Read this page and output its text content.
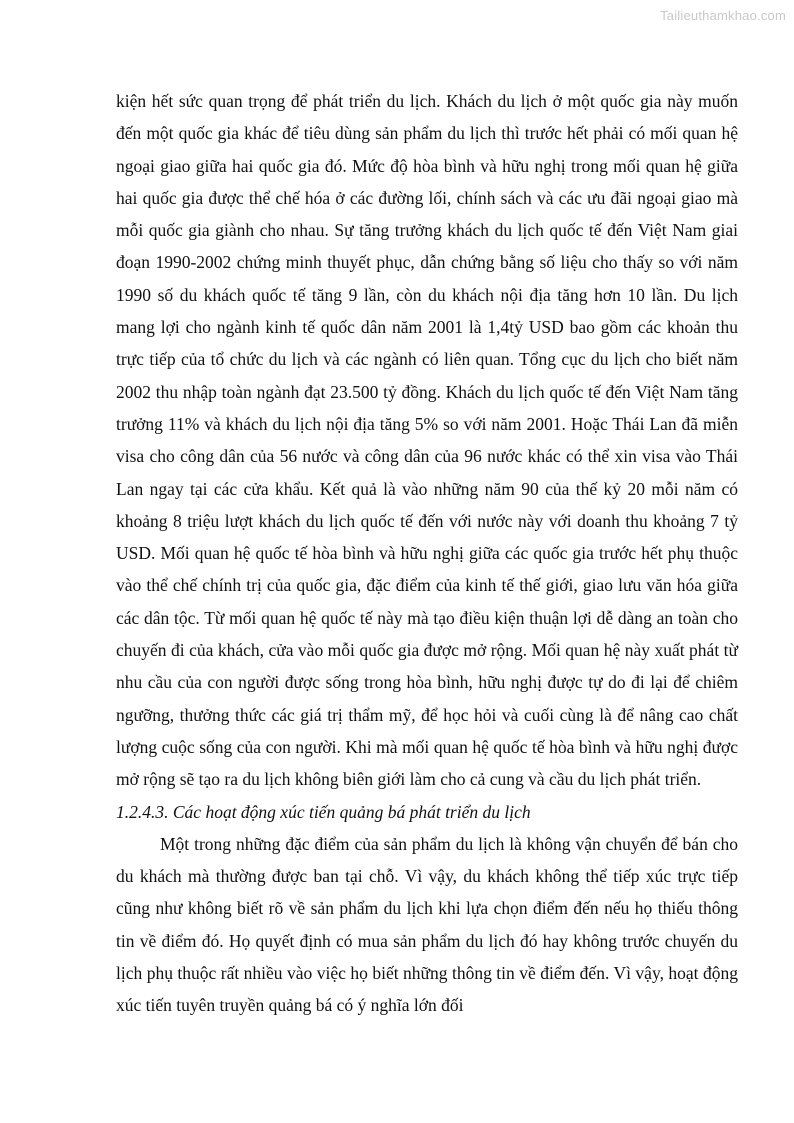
Tailieuthamkhao.com

kiện hết sức quan trọng để phát triển du lịch. Khách du lịch ở một quốc gia này muốn đến một quốc gia khác để tiêu dùng sản phẩm du lịch thì trước hết phải có mối quan hệ ngoại giao giữa hai quốc gia đó. Mức độ hòa bình và hữu nghị trong mối quan hệ giữa hai quốc gia được thể chế hóa ở các đường lối, chính sách và các ưu đãi ngoại giao mà mỗi quốc gia giành cho nhau. Sự tăng trưởng khách du lịch quốc tế đến Việt Nam giai đoạn 1990-2002 chứng minh thuyết phục, dẫn chứng bằng số liệu cho thấy so với năm 1990 số du khách quốc tế tăng 9 lần, còn du khách nội địa tăng hơn 10 lần. Du lịch mang lợi cho ngành kinh tế quốc dân năm 2001 là 1,4tỷ USD bao gồm các khoản thu trực tiếp của tổ chức du lịch và các ngành có liên quan. Tổng cục du lịch cho biết năm 2002 thu nhập toàn ngành đạt 23.500 tỷ đồng. Khách du lịch quốc tế đến Việt Nam tăng trưởng 11% và khách du lịch nội địa tăng 5% so với năm 2001. Hoặc Thái Lan đã miễn visa cho công dân của 56 nước và công dân của 96 nước khác có thể xin visa vào Thái Lan ngay tại các cửa khẩu. Kết quả là vào những năm 90 của thế kỷ 20 mỗi năm có khoảng 8 triệu lượt khách du lịch quốc tế đến với nước này với doanh thu khoảng 7 tỷ USD. Mối quan hệ quốc tế hòa bình và hữu nghị giữa các quốc gia trước hết phụ thuộc vào thể chế chính trị của quốc gia, đặc điểm của kinh tế thế giới, giao lưu văn hóa giữa các dân tộc. Từ mối quan hệ quốc tế này mà tạo điều kiện thuận lợi dễ dàng an toàn cho chuyến đi của khách, cửa vào mỗi quốc gia được mở rộng. Mối quan hệ này xuất phát từ nhu cầu của con người được sống trong hòa bình, hữu nghị được tự do đi lại để chiêm ngưỡng, thưởng thức các giá trị thẩm mỹ, để học hỏi và cuối cùng là để nâng cao chất lượng cuộc sống của con người. Khi mà mối quan hệ quốc tế hòa bình và hữu nghị được mở rộng sẽ tạo ra du lịch không biên giới làm cho cả cung và cầu du lịch phát triển.

1.2.4.3. Các hoạt động xúc tiến quảng bá phát triển du lịch

Một trong những đặc điểm của sản phẩm du lịch là không vận chuyển để bán cho du khách mà thường được ban tại chỗ. Vì vậy, du khách không thể tiếp xúc trực tiếp cũng như không biết rõ về sản phẩm du lịch khi lựa chọn điểm đến nếu họ thiếu thông tin về điểm đó. Họ quyết định có mua sản phẩm du lịch đó hay không trước chuyến du lịch phụ thuộc rất nhiều vào việc họ biết những thông tin về điểm đến. Vì vậy, hoạt động xúc tiến tuyên truyền quảng bá có ý nghĩa lớn đối
